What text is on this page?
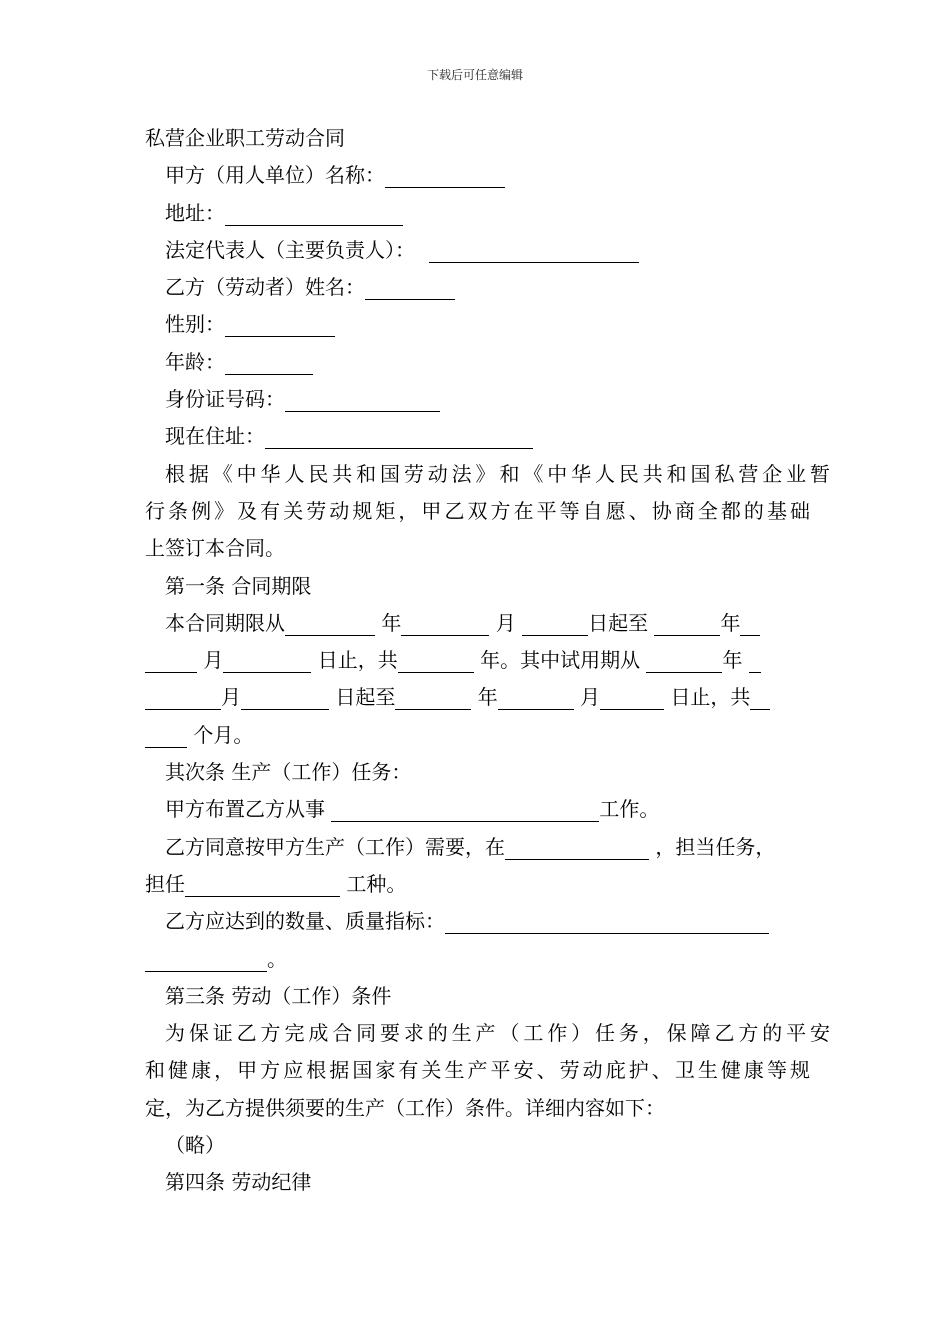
下载后可任意编辑
私营企业职工劳动合同
甲方（用人单位）名称：
地址：
法定代表人（主要负责人）：
乙方（劳动者）姓名：
性别：
年龄：
身份证号码：
现在住址：
根据《中华人民共和国劳动法》和《中华人民共和国私营企业暂
行条例》及有关劳动规矩，甲乙双方在平等自愿、协商全都的基础
上签订本合同。
第一条 合同期限
本合同期限从	年	月	日起至	年
月	日止，共	年。其中试用期从	年
月	日起至	年	月	日止，共
个月。
其次条 生产（工作）任务：
甲方布置乙方从事	工作。
乙方同意按甲方生产（工作）需要，在	，担当任务，
担任	工种。
乙方应达到的数量、质量指标：
。
第三条 劳动（工作）条件
为保证乙方完成合同要求的生产（工作）任务，保障乙方的平安
和健康，甲方应根据国家有关生产平安、劳动庇护、卫生健康等规
定，为乙方提供须要的生产（工作）条件。详细内容如下：
（略）
第四条 劳动纪律
